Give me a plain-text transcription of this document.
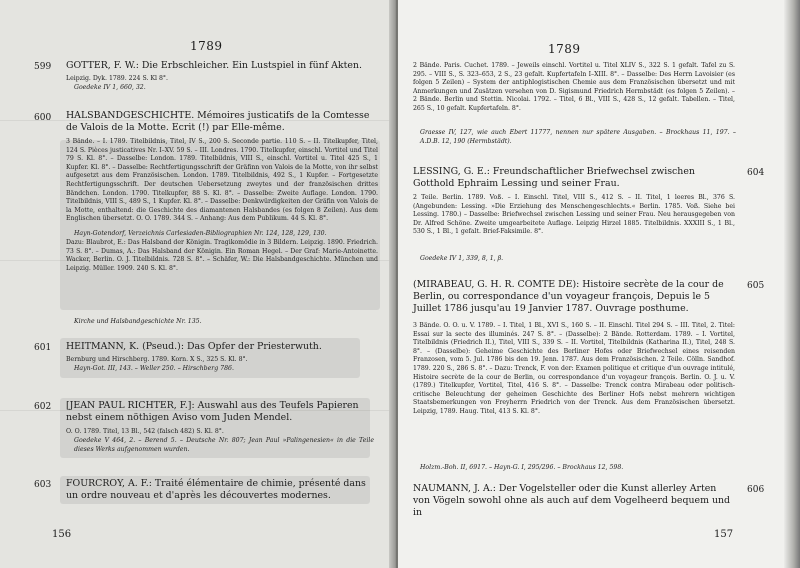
1789
599 GOTTER, F. W.: Die Erbschleicher. Ein Lustspiel in fünf Akten.
Leipzig. Dyk. 1789. 224 S. Kl 8°.
Goedeke IV 1, 660, 32.
600 HALSBANDGESCHICHTE. Mémoires justicatifs de la Comtesse de Valois de la Motte. Ecrit (!) par Elle-même.
3 Bände. – I. 1789. Titelbildnis, Titel, IV S., 200 S. Seconde partie. 110 S. – II. Titelkupfer, Titel, 124 S. Pièces justicatives Nr. I–XV. 59 S. – III. Londres. 1790. Titelkupfer, einschl. Vortitel und Titel 79 S. Kl. 8°. – Dasselbe: London. 1789. Titelbildnis, VIII S., einschl. Vortitel u. Titel 425 S., 1 Kupfer. Kl. 8°. – Dasselbe: Rechtfertigungsschrift der Gräfinn von Valois de la Motte, von ihr selbst aufgesetzt aus dem Französischen. London. 1789. Titelbildnis, 492 S., 1 Kupfer. – Fortgesetzte Rechtfertigungsschrift. Der deutschen Uebersetzung zweytes und der französischen drittes Bändchen. London. 1790. Titelkupfer, 88 S. Kl. 8°. – Dasselbe: Zweite Auflage. London. 1790. Titelbildnis, VIII S., 489 S., 1 Kupfer. Kl. 8°. – Dasselbe: Denkwürdigkeiten der Gräfin von Valois de la Motte, enthaltend: die Geschichte des diamantenen Halsbandes (es folgen 8 Zeilen). Aus dem Englischen übersetzt. O. O. 1789. 344 S. – Anhang: Aus dem Publikum. 44 S. Kl. 8°.
Hayn-Gotendorf, Verzeichnis Carlesiaden-Bibliographien Nr. 124, 128, 129, 130.
Dazu: Blaubrot, E.: Das Halsband der Königin. Tragikomödie in 3 Bildern. Leipzig. 1890. Friedrich. 73 S. 8°. – Dumas, A.: Das Halsband der Königin. Ein Roman Hegel. – Der Graf: Marie-Antoinette. Wacker, Berlin. O. J. Titelbildnis. 728 S. 8°. – Schäfer, W.: Die Halsbandgeschichte. München und Leipzig. Müller. 1909. 240 S. Kl. 8°.
Kirche und Halsbandgeschichte Nr. 135.
601 HEITMANN, K. (Pseud.): Das Opfer der Priesterwuth.
Bernburg und Hirschberg. 1789. Korn. X S., 325 S. Kl. 8°.
Hayn-Got. III, 143. – Weller 250. – Hirschberg 786.
602 [JEAN PAUL RICHTER, F.]: Auswahl aus des Teufels Papieren nebst einem nöthigen Aviso vom Juden Mendel.
O. O. 1789. Titel, 13 Bl., 542 (falsch 482) S. Kl. 8°.
Goedeke V 464, 2. – Berend 5. – Deutsche Nr. 807; Jean Paul »Palingenesien« in die Teile dieses Werks aufgenommen wurden.
603 FOURCROY, A. F.: Traité élémentaire de chimie, présenté dans un ordre nouveau et d'après les découvertes modernes.
156
1789
2 Bände. Paris. Cuchet. 1789. – Jeweils einschl. Vortitel u. Titel XLIV S., 322 S. 1 gefalt. Tafel zu S. 295. – VIII S., S. 323–653, 2 S., 23 gefalt. Kupfertafeln I–XIII. 8°. – Dasselbe: Des Herrn Lavoisier (es folgen 5 Zeilen) – System der antiphlogistischen Chemie aus dem Französischen übersetzt und mit Anmerkungen und Zusätzen versehen von D. Sigismund Friedrich Hermbstädt (es folgen 5 Zeilen). – 2 Bände. Berlin und Stettin. Nicolai. 1792. – Titel, 6 Bl., VIII S., 428 S., 12 gefalt. Tabellen. – Titel, 265 S., 10 gefalt. Kupfertafeln. 8°.
Graesse IV, 127, wie auch Ebert 11777, nennen nur spätere Ausgaben. – Brockhaus 11, 197. – A.D.B. 12, 190 (Hermbstädt).
LESSING, G. E.: Freundschaftlicher Briefwechsel zwischen Gotthold Ephraim Lessing und seiner Frau.
604
2 Teile. Berlin. 1789. Voß. – I. Einschl. Titel, VIII S., 412 S. – II. Titel, 1 leeres Bl., 376 S. (Angebunden: Lessing. »Die Erziehung des Menschengeschlechts.« Berlin. 1785. Voß. Siehe bei Lessing. 1780.) – Dasselbe: Briefwechsel zwischen Lessing und seiner Frau. Neu herausgegeben von Dr. Alfred Schöne. Zweite umgearbeitete Auflage. Leipzig Hirzel 1885. Titelbildnis. XXXIII S., 1 Bl., 530 S., 1 Bl., 1 gefalt. Brief-Faksimile. 8°.
Goedeke IV 1, 339, 8, 1, β.
(MIRABEAU, G. H. R. COMTE DE): Histoire secrète de la cour de Berlin, ou correspondance d'un voyageur françois, Depuis le 5 Juillet 1786 jusqu'au 19 Janvier 1787. Ouvrage posthume.
605
3 Bände. O. O. u. V. 1789. – I. Titel, 1 Bl., XVI S., 160 S. – II. Einschl. Titel 294 S. – III. Titel, 2. Titel: Essai sur la secte des illuminés. 247 S. 8°. – (Dasselbe): 2 Bände. Rotterdam. 1789. – I. Vortitel, Titelbildnis (Friedrich II.), Titel, VIII S., 339 S. – II. Vortitel, Titelbildnis (Katharina II.), Titel, 248 S. 8°. – (Dasselbe): Geheime Geschichte des Berliner Hofes oder Briefwechsel eines reisenden Franzosen, vom 5. Jul. 1786 bis den 19. Jenn. 1787. Aus dem Französischen. 2 Teile. Cölln. Sandhof. 1789. 220 S., 286 S. 8°. – Dazu: Trenck, F. von der: Examen politique et critique d'un ouvrage intitulé, Histoire secrète de la cour de Berlin, ou correspondance d'un voyageur françois. Berlin. O. J. u. V. (1789.) Titelkupfer, Vortitel, Titel, 416 S. 8°. – Dasselbe: Trenck contra Mirabeau oder politisch-critische Beleuchtung der geheimen Geschichte des Berliner Hofs nebst mehrern wichtigen Staatsbemerkungen von Freyherrn Friedrich von der Trenck. Aus dem Französischen übersetzt. Leipzig, 1789. Haug. Titel, 413 S. Kl. 8°.
Holzm.-Boh. II, 6917. – Hayn-G. I, 295/296. – Brockhaus 12, 598.
NAUMANN, J. A.: Der Vogelsteller oder die Kunst allerley Arten von Vögeln sowohl ohne als auch auf dem Vogelheerd bequem und in
606
157
